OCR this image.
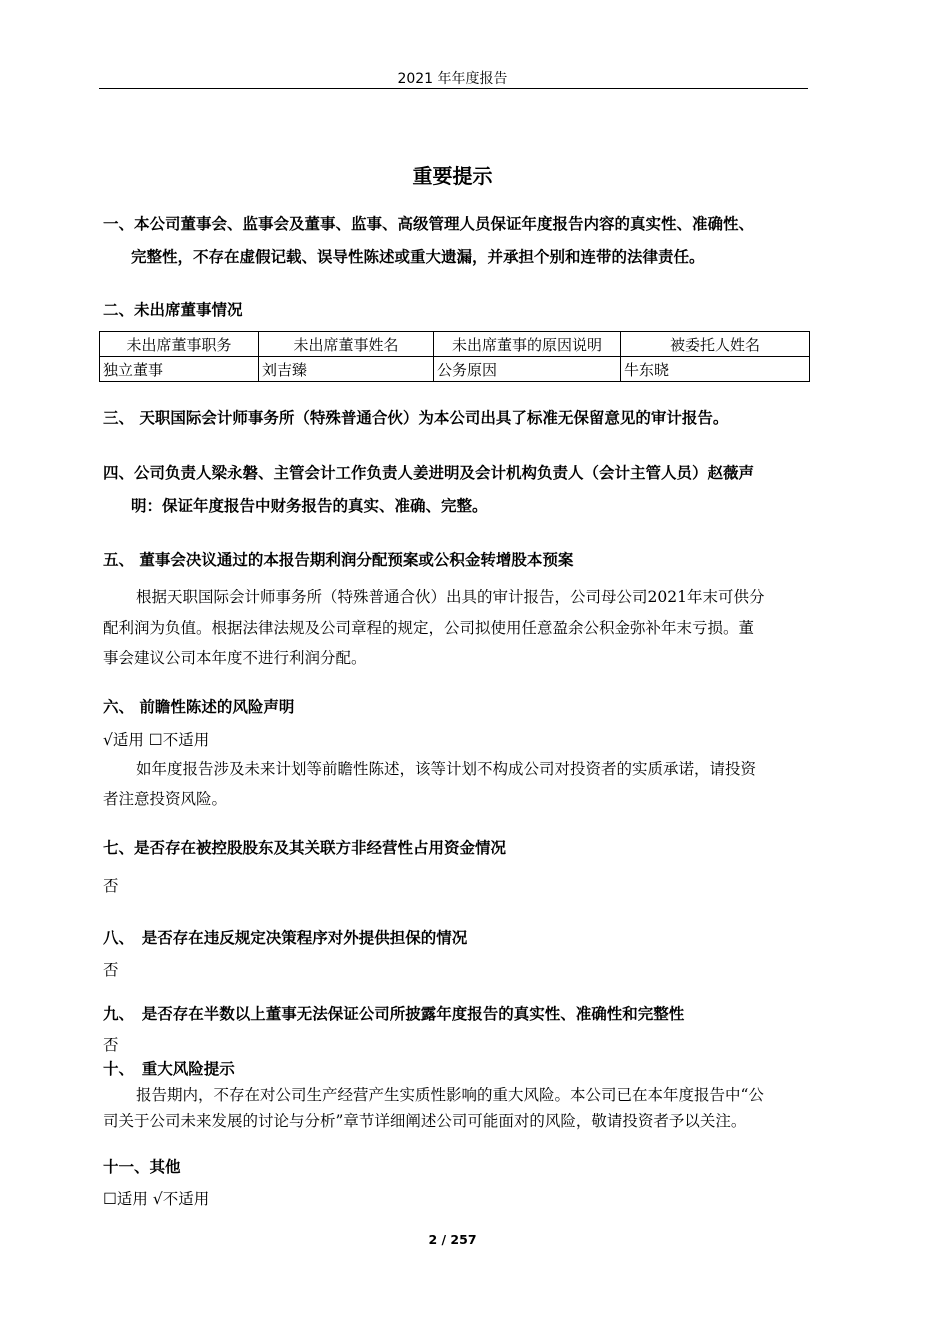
2021 年年度报告
重要提示
一、本公司董事会、监事会及董事、监事、高级管理人员保证年度报告内容的真实性、准确性、
完整性，不存在虚假记载、误导性陈述或重大遗漏，并承担个别和连带的法律责任。
二、未出席董事情况
未出席董事职务	未出席董事姓名	未出席董事的原因说明	被委托人姓名
独立董事	刘吉臻	公务原因	牛东晓
三、 天职国际会计师事务所（特殊普通合伙）为本公司出具了标准无保留意见的审计报告。
四、公司负责人梁永磐、主管会计工作负责人姜进明及会计机构负责人（会计主管人员）赵薇声
明：保证年度报告中财务报告的真实、准确、完整。
五、 董事会决议通过的本报告期利润分配预案或公积金转增股本预案
根据天职国际会计师事务所（特殊普通合伙）出具的审计报告，公司母公司2021年末可供分
配利润为负值。根据法律法规及公司章程的规定，公司拟使用任意盈余公积金弥补年末亏损。董
事会建议公司本年度不进行利润分配。
六、 前瞻性陈述的风险声明
√适用 ☐不适用
如年度报告涉及未来计划等前瞻性陈述，该等计划不构成公司对投资者的实质承诺，请投资
者注意投资风险。
七、是否存在被控股股东及其关联方非经营性占用资金情况
否
八、　是否存在违反规定决策程序对外提供担保的情况
否
九、　是否存在半数以上董事无法保证公司所披露年度报告的真实性、准确性和完整性
否
十、　重大风险提示
报告期内，不存在对公司生产经营产生实质性影响的重大风险。本公司已在本年度报告中“公
司关于公司未来发展的讨论与分析”章节详细阐述公司可能面对的风险，敬请投资者予以关注。
十一、其他
☐适用 √不适用
2 / 257
